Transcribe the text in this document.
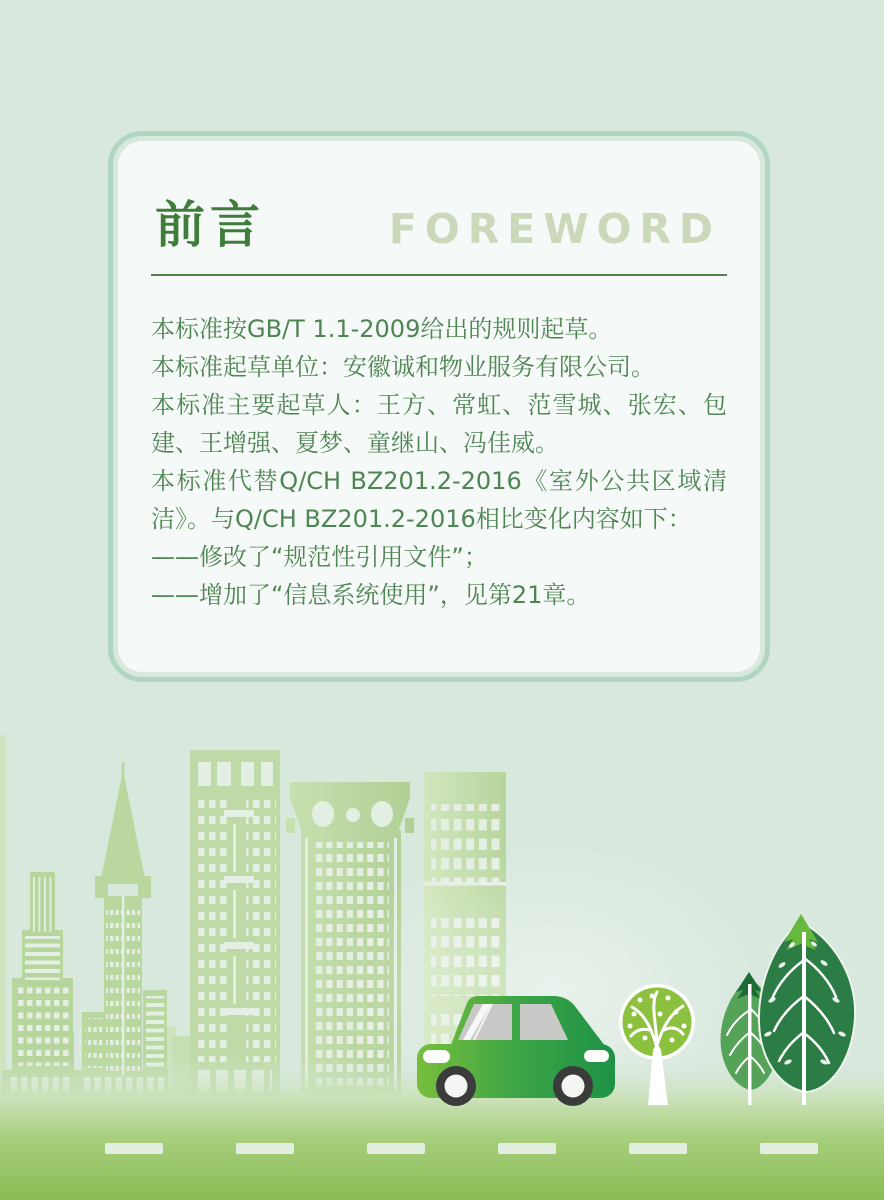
前言	FOREWORD
本标准按GB/T 1.1-2009给出的规则起草。
本标准起草单位：安徽诚和物业服务有限公司。
本标准主要起草人：王方、常虹、范雪城、张宏、包
建、王增强、夏梦、童继山、冯佳威。
本标准代替Q/CH BZ201.2-2016《室外公共区域清
洁》。与Q/CH BZ201.2-2016相比变化内容如下：
——修改了“规范性引用文件”；
——增加了“信息系统使用”，见第21章。
